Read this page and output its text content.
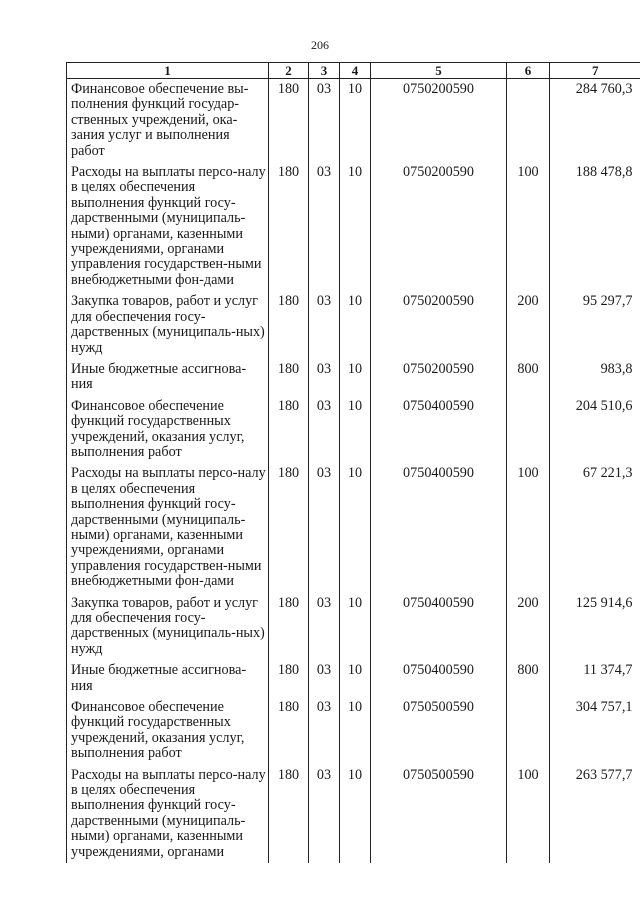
206
1	2	3	4	5	6	7
Финансовое обеспечение вы-полнения функций государ-ственных учреждений, ока-зания услуг и выполнения работ	180	03	10	0750200590		284 760,3
Расходы на выплаты персо-налу в целях обеспечения выполнения функций госу-дарственными (муниципаль-ными) органами, казенными учреждениями, органами управления государствен-ными внебюджетными фон-дами	180	03	10	0750200590	100	188 478,8
Закупка товаров, работ и услуг для обеспечения госу-дарственных (муниципаль-ных) нужд	180	03	10	0750200590	200	95 297,7
Иные бюджетные ассигнова-ния	180	03	10	0750200590	800	983,8
Финансовое обеспечение функций государственных учреждений, оказания услуг, выполнения работ	180	03	10	0750400590		204 510,6
Расходы на выплаты персо-налу в целях обеспечения выполнения функций госу-дарственными (муниципаль-ными) органами, казенными учреждениями, органами управления государствен-ными внебюджетными фон-дами	180	03	10	0750400590	100	67 221,3
Закупка товаров, работ и услуг для обеспечения госу-дарственных (муниципаль-ных) нужд	180	03	10	0750400590	200	125 914,6
Иные бюджетные ассигнова-ния	180	03	10	0750400590	800	11 374,7
Финансовое обеспечение функций государственных учреждений, оказания услуг, выполнения работ	180	03	10	0750500590		304 757,1
Расходы на выплаты персо-налу в целях обеспечения выполнения функций госу-дарственными (муниципаль-ными) органами, казенными учреждениями, органами	180	03	10	0750500590	100	263 577,7
